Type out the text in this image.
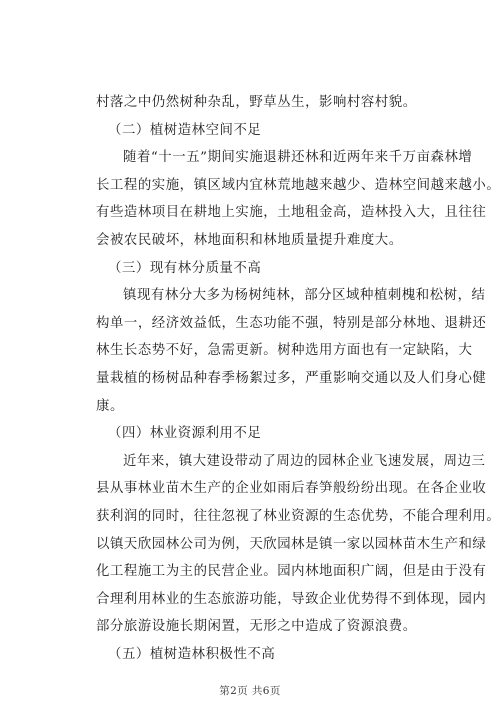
村落之中仍然树种杂乱，野草丛生，影响村容村貌。
（二）植树造林空间不足
随着“十一五”期间实施退耕还林和近两年来千万亩森林增
长工程的实施，镇区域内宜林荒地越来越少、造林空间越来越小。
有些造林项目在耕地上实施，土地租金高，造林投入大，且往往
会被农民破坏，林地面积和林地质量提升难度大。
（三）现有林分质量不高
镇现有林分大多为杨树纯林，部分区域种植刺槐和松树，结
构单一，经济效益低，生态功能不强，特别是部分林地、退耕还
林生长态势不好，急需更新。树种选用方面也有一定缺陷，大
量栽植的杨树品种春季杨絮过多，严重影响交通以及人们身心健
康。
（四）林业资源利用不足
近年来，镇大建设带动了周边的园林企业飞速发展，周边三
县从事林业苗木生产的企业如雨后春笋般纷纷出现。在各企业收
获利润的同时，往往忽视了林业资源的生态优势，不能合理利用。
以镇天欣园林公司为例，天欣园林是镇一家以园林苗木生产和绿
化工程施工为主的民营企业。园内林地面积广阔，但是由于没有
合理利用林业的生态旅游功能，导致企业优势得不到体现，园内
部分旅游设施长期闲置，无形之中造成了资源浪费。
（五）植树造林积极性不高
第2页 共6页
